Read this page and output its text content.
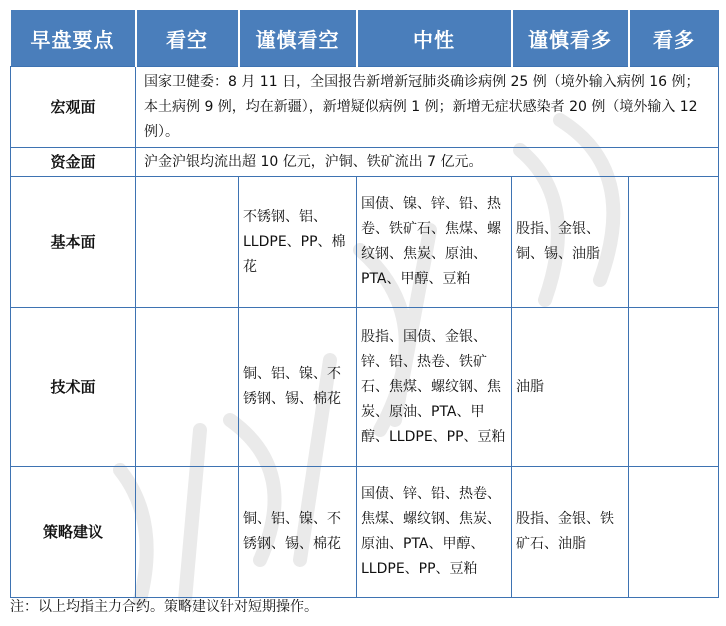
早盘要点	看空	谨慎看空	中性	谨慎看多	看多
宏观面	国家卫健委：8 月 11 日，全国报告新增新冠肺炎确诊病例 25 例（境外输入病例 16 例；本土病例 9 例，均在新疆），新增疑似病例 1 例；新增无症状感染者 20 例（境外输入 12 例）。				
资金面	沪金沪银均流出超 10 亿元，沪铜、铁矿流出 7 亿元。				
基本面		不锈钢、铝、LLDPE、PP、棉花	国债、镍、锌、铅、热卷、铁矿石、焦煤、螺纹钢、焦炭、原油、PTA、甲醇、豆粕	股指、金银、铜、锡、油脂	
技术面		铜、铝、镍、不锈钢、锡、棉花	股指、国债、金银、锌、铅、热卷、铁矿石、焦煤、螺纹钢、焦炭、原油、PTA、甲醇、LLDPE、PP、豆粕	油脂	
策略建议		铜、铝、镍、不锈钢、锡、棉花	国债、锌、铅、热卷、焦煤、螺纹钢、焦炭、原油、PTA、甲醇、LLDPE、PP、豆粕	股指、金银、铁矿石、油脂	
注：以上均指主力合约。策略建议针对短期操作。
